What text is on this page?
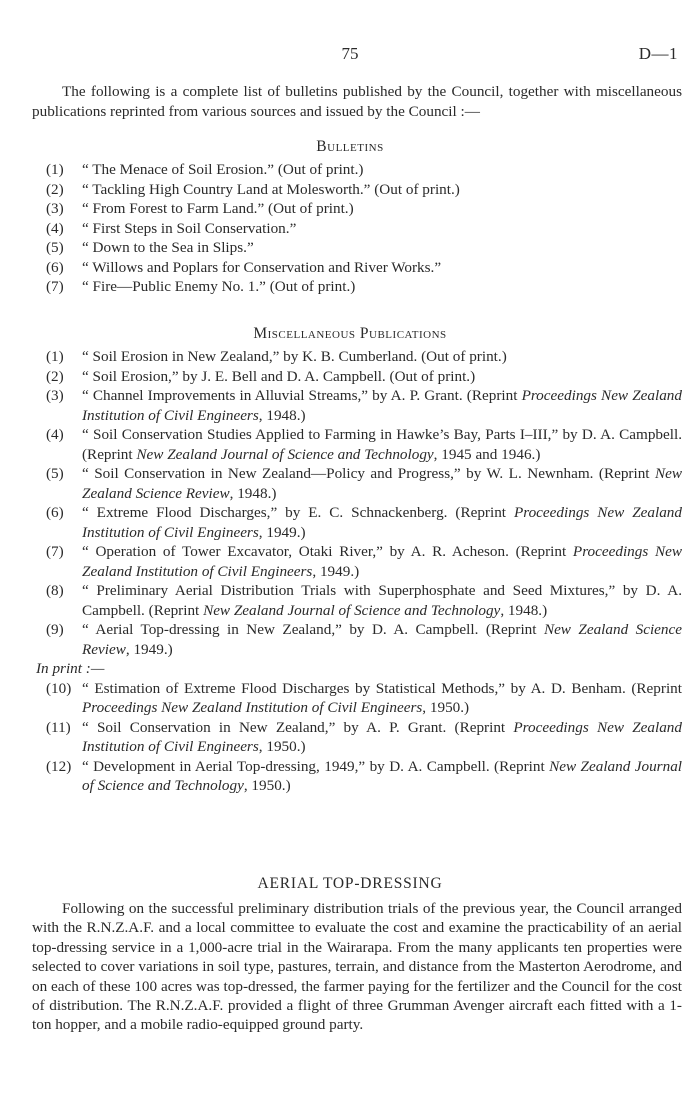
75	D—1
The following is a complete list of bulletins published by the Council, together with miscellaneous publications reprinted from various sources and issued by the Council :—
Bulletins
(1) “ The Menace of Soil Erosion.” (Out of print.)
(2) “ Tackling High Country Land at Molesworth.” (Out of print.)
(3) “ From Forest to Farm Land.” (Out of print.)
(4) “ First Steps in Soil Conservation.”
(5) “ Down to the Sea in Slips.”
(6) “ Willows and Poplars for Conservation and River Works.”
(7) “ Fire—Public Enemy No. 1.” (Out of print.)
Miscellaneous Publications
(1) “ Soil Erosion in New Zealand,” by K. B. Cumberland. (Out of print.)
(2) “ Soil Erosion,” by J. E. Bell and D. A. Campbell. (Out of print.)
(3) “ Channel Improvements in Alluvial Streams,” by A. P. Grant. (Reprint Proceedings New Zealand Institution of Civil Engineers, 1948.)
(4) “ Soil Conservation Studies Applied to Farming in Hawke’s Bay, Parts I–III,” by D. A. Campbell. (Reprint New Zealand Journal of Science and Technology, 1945 and 1946.)
(5) “ Soil Conservation in New Zealand—Policy and Progress,” by W. L. Newnham. (Reprint New Zealand Science Review, 1948.)
(6) “ Extreme Flood Discharges,” by E. C. Schnackenberg. (Reprint Proceedings New Zealand Institution of Civil Engineers, 1949.)
(7) “ Operation of Tower Excavator, Otaki River,” by A. R. Acheson. (Reprint Proceedings New Zealand Institution of Civil Engineers, 1949.)
(8) “ Preliminary Aerial Distribution Trials with Superphosphate and Seed Mixtures,” by D. A. Campbell. (Reprint New Zealand Journal of Science and Technology, 1948.)
(9) “ Aerial Top-dressing in New Zealand,” by D. A. Campbell. (Reprint New Zealand Science Review, 1949.)
In print :—
(10) “ Estimation of Extreme Flood Discharges by Statistical Methods,” by A. D. Benham. (Reprint Proceedings New Zealand Institution of Civil Engineers, 1950.)
(11) “ Soil Conservation in New Zealand,” by A. P. Grant. (Reprint Proceedings New Zealand Institution of Civil Engineers, 1950.)
(12) “ Development in Aerial Top-dressing, 1949,” by D. A. Campbell. (Reprint New Zealand Journal of Science and Technology, 1950.)
AERIAL TOP-DRESSING
Following on the successful preliminary distribution trials of the previous year, the Council arranged with the R.N.Z.A.F. and a local committee to evaluate the cost and examine the practicability of an aerial top-dressing service in a 1,000-acre trial in the Wairarapa. From the many applicants ten properties were selected to cover variations in soil type, pastures, terrain, and distance from the Masterton Aerodrome, and on each of these 100 acres was top-dressed, the farmer paying for the fertilizer and the Council for the cost of distribution. The R.N.Z.A.F. provided a flight of three Grumman Avenger aircraft each fitted with a 1-ton hopper, and a mobile radio-equipped ground party.
